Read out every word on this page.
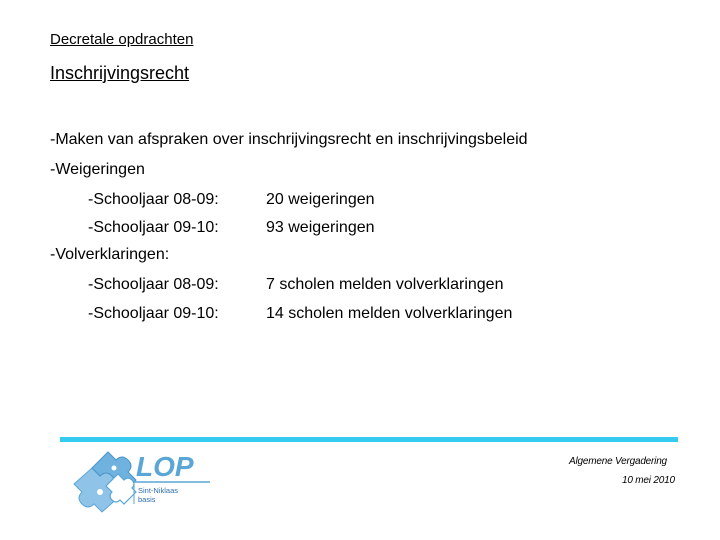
Decretale opdrachten
Inschrijvingsrecht
-Maken van afspraken over inschrijvingsrecht en inschrijvingsbeleid
-Weigeringen
-Schooljaar 08-09:	20 weigeringen
-Schooljaar 09-10:	93 weigeringen
-Volverklaringen:
-Schooljaar 08-09:	7 scholen melden volverklaringen
-Schooljaar 09-10:	14 scholen melden volverklaringen
LOP
Sint-Niklaas
basis
Algemene Vergadering
10 mei 2010
